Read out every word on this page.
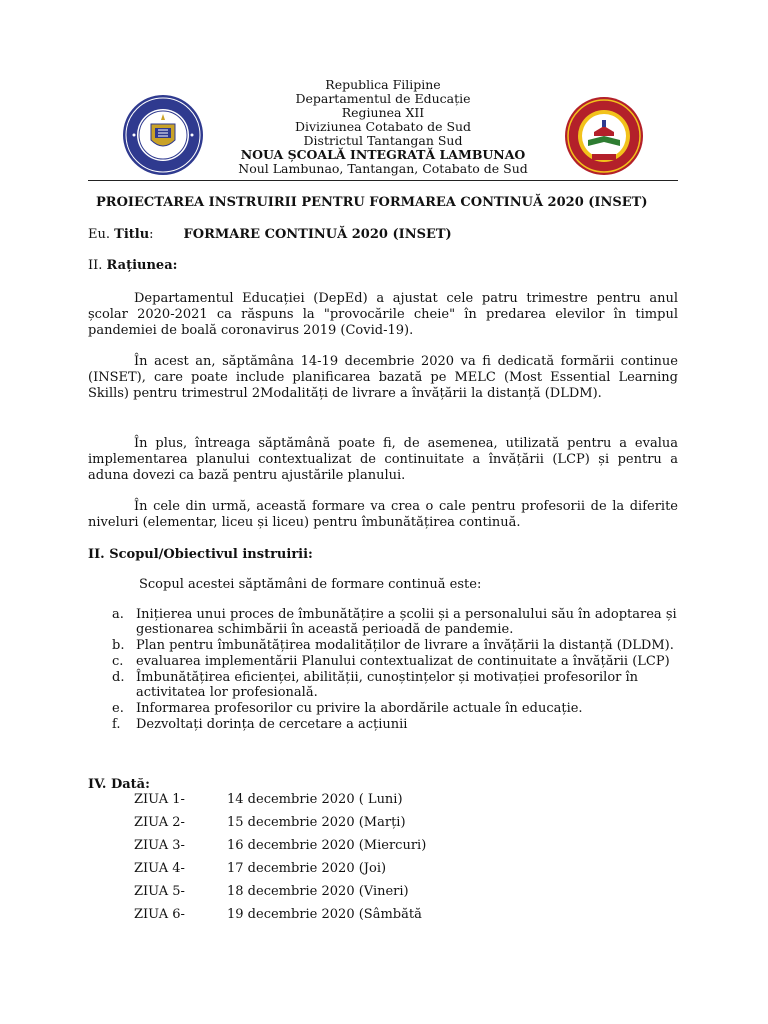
Republica Filipine
Departamentul de Educație
Regiunea XII
Diviziunea Cotabato de Sud
Districtul Tantangan Sud
NOUA ȘCOALĂ INTEGRATĂ LAMBUNAO
Noul Lambunao, Tantangan, Cotabato de Sud
PROIECTAREA INSTRUIRII PENTRU FORMAREA CONTINUĂ 2020 (INSET)
Eu. Titlu: FORMARE CONTINUĂ 2020 (INSET)
II. Rațiunea:
Departamentul Educației (DepEd) a ajustat cele patru trimestre pentru anul școlar 2020-2021 ca răspuns la "provocările cheie" în predarea elevilor în timpul pandemiei de boală coronavirus 2019 (Covid-19).
În acest an, săptămâna 14-19 decembrie 2020 va fi dedicată formării continue (INSET), care poate include planificarea bazată pe MELC (Most Essential Learning Skills) pentru trimestrul 2Modalități de livrare a învățării la distanță (DLDM).
În plus, întreaga săptămână poate fi, de asemenea, utilizată pentru a evalua implementarea planului contextualizat de continuitate a învățării (LCP) și pentru a aduna dovezi ca bază pentru ajustările planului.
În cele din urmă, această formare va crea o cale pentru profesorii de la diferite niveluri (elementar, liceu și liceu) pentru îmbunătățirea continuă.
II. Scopul/Obiectivul instruirii:
Scopul acestei săptămâni de formare continuă este:
a. Inițierea unui proces de îmbunătățire a școlii și a personalului său în adoptarea și gestionarea schimbării în această perioadă de pandemie.
b. Plan pentru îmbunătățirea modalităților de livrare a învățării la distanță (DLDM).
c. evaluarea implementării Planului contextualizat de continuitate a învățării (LCP)
d. Îmbunătățirea eficienței, abilității, cunoștințelor și motivației profesorilor în activitatea lor profesională.
e. Informarea profesorilor cu privire la abordările actuale în educație.
f. Dezvoltați dorința de cercetare a acțiunii
IV. Dată:
ZIUA 1-	14 decembrie 2020 ( Luni)
ZIUA 2-	15 decembrie 2020 (Marți)
ZIUA 3-	16 decembrie 2020 (Miercuri)
ZIUA 4-	17 decembrie 2020 (Joi)
ZIUA 5-	18 decembrie 2020 (Vineri)
ZIUA 6-	19 decembrie 2020 (Sâmbătă
